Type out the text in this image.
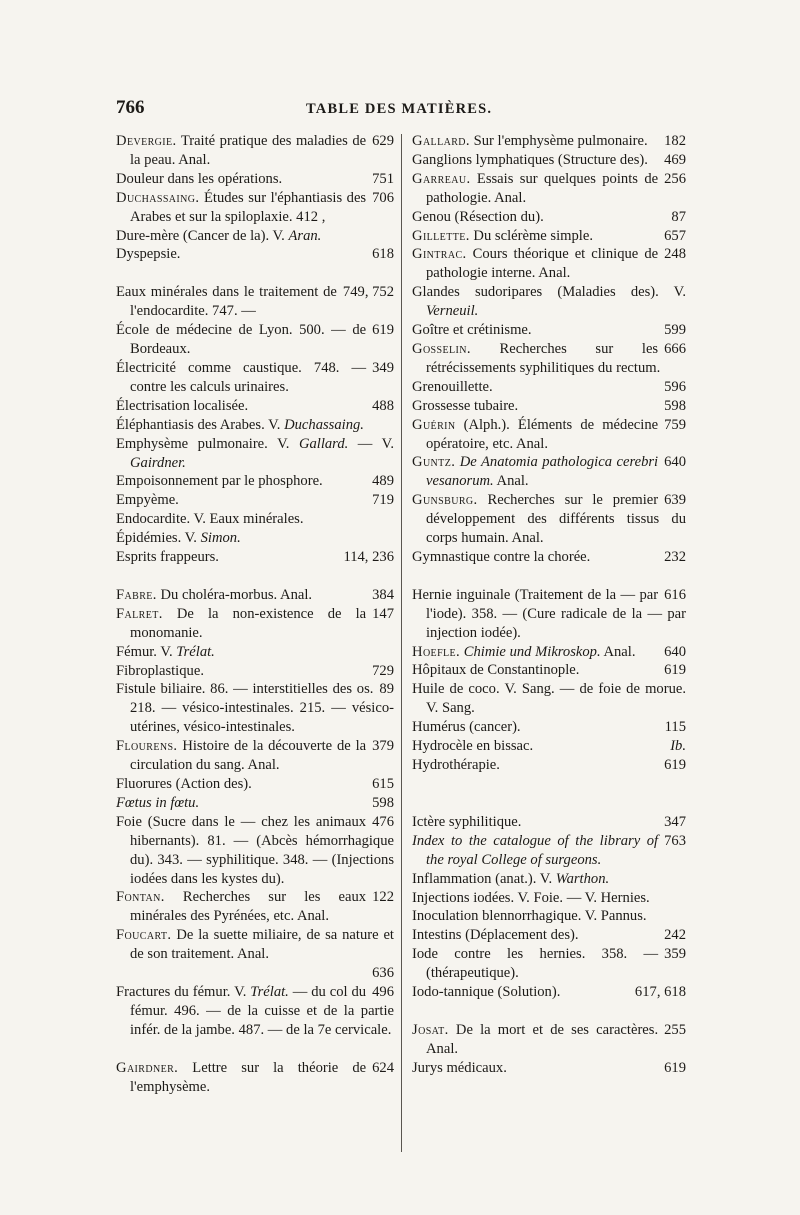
766	TABLE DES MATIÈRES.
629
Devergie. Traité pratique des maladies de la peau. Anal.
751
Douleur dans les opérations.
706
Duchassaing. Études sur l'éphantiasis des Arabes et sur la spiloplaxie. 412 ,
Dure-mère (Cancer de la). V. Aran.
618
Dyspepsie.
749, 752
Eaux minérales dans le traitement de l'endocardite. 747. —
619
École de médecine de Lyon. 500. — de Bordeaux.
349
Électricité comme caustique. 748. — contre les calculs urinaires.
488
Électrisation localisée.
Éléphantiasis des Arabes. V. Duchassaing.
Emphysème pulmonaire. V. Gallard. — V. Gairdner.
489
Empoisonnement par le phosphore.
719
Empyème.
Endocardite. V. Eaux minérales.
Épidémies. V. Simon.
114, 236
Esprits frappeurs.
384
Fabre. Du choléra-morbus. Anal.
147
Falret. De la non-existence de la monomanie.
Fémur. V. Trélat.
729
Fibroplastique.
89
Fistule biliaire. 86. — interstitielles des os. 218. — vésico-intestinales. 215. — vésico-utérines, vésico-intestinales.
379
Flourens. Histoire de la découverte de la circulation du sang. Anal.
615
Fluorures (Action des).
598
Fœtus in fœtu.
476
Foie (Sucre dans le — chez les animaux hibernants). 81. — (Abcès hémorrhagique du). 343. — syphilitique. 348. — (Injections iodées dans les kystes du).
122
Fontan. Recherches sur les eaux minérales des Pyrénées, etc. Anal.
Foucart. De la suette miliaire, de sa nature et de son traitement. Anal.
636
496
Fractures du fémur. V. Trélat. — du col du fémur. 496. — de la cuisse et de la partie infér. de la jambe. 487. — de la 7e cervicale.
624
Gairdner. Lettre sur la théorie de l'emphysème.
182
Gallard. Sur l'emphysème pulmonaire.
469
Ganglions lymphatiques (Structure des).
256
Garreau. Essais sur quelques points de pathologie. Anal.
87
Genou (Résection du).
657
Gillette. Du sclérème simple.
248
Gintrac. Cours théorique et clinique de pathologie interne. Anal.
Glandes sudoripares (Maladies des). V. Verneuil.
599
Goître et crétinisme.
666
Gosselin. Recherches sur les rétrécissements syphilitiques du rectum.
596
Grenouillette.
598
Grossesse tubaire.
759
Guérin (Alph.). Éléments de médecine opératoire, etc. Anal.
640
Guntz. De Anatomia pathologica cerebri vesanorum. Anal.
639
Gunsburg. Recherches sur le premier développement des différents tissus du corps humain. Anal.
232
Gymnastique contre la chorée.
616
Hernie inguinale (Traitement de la — par l'iode). 358. — (Cure radicale de la — par injection iodée).
640
Hoefle. Chimie und Mikroskop. Anal.
619
Hôpitaux de Constantinople.
Huile de coco. V. Sang. — de foie de morue. V. Sang.
115
Humérus (cancer).
Ib.
Hydrocèle en bissac.
619
Hydrothérapie.
347
Ictère syphilitique.
763
Index to the catalogue of the library of the royal College of surgeons.
Inflammation (anat.). V. Warthon.
Injections iodées. V. Foie. — V. Hernies.
Inoculation blennorrhagique. V. Pannus.
242
Intestins (Déplacement des).
359
Iode contre les hernies. 358. — (thérapeutique).
617, 618
Iodo-tannique (Solution).
255
Josat. De la mort et de ses caractères. Anal.
619
Jurys médicaux.
